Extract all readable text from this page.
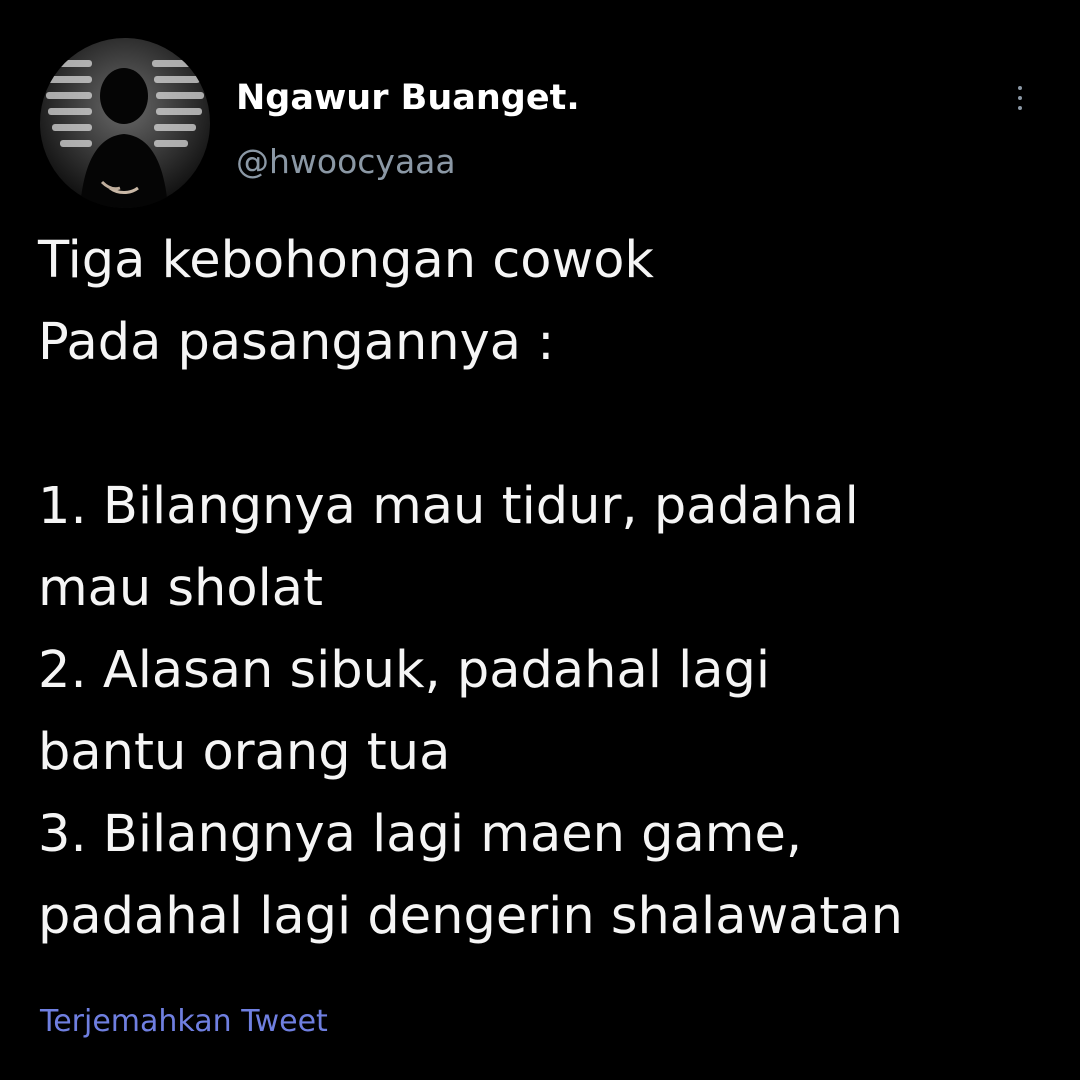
Ngawur Buanget.
@hwoocyaaa
Tiga kebohongan cowok
Pada pasangannya :
1. Bilangnya mau tidur, padahal
mau sholat
2. Alasan sibuk, padahal lagi
bantu orang tua
3. Bilangnya lagi maen game,
padahal lagi dengerin shalawatan
Terjemahkan Tweet
